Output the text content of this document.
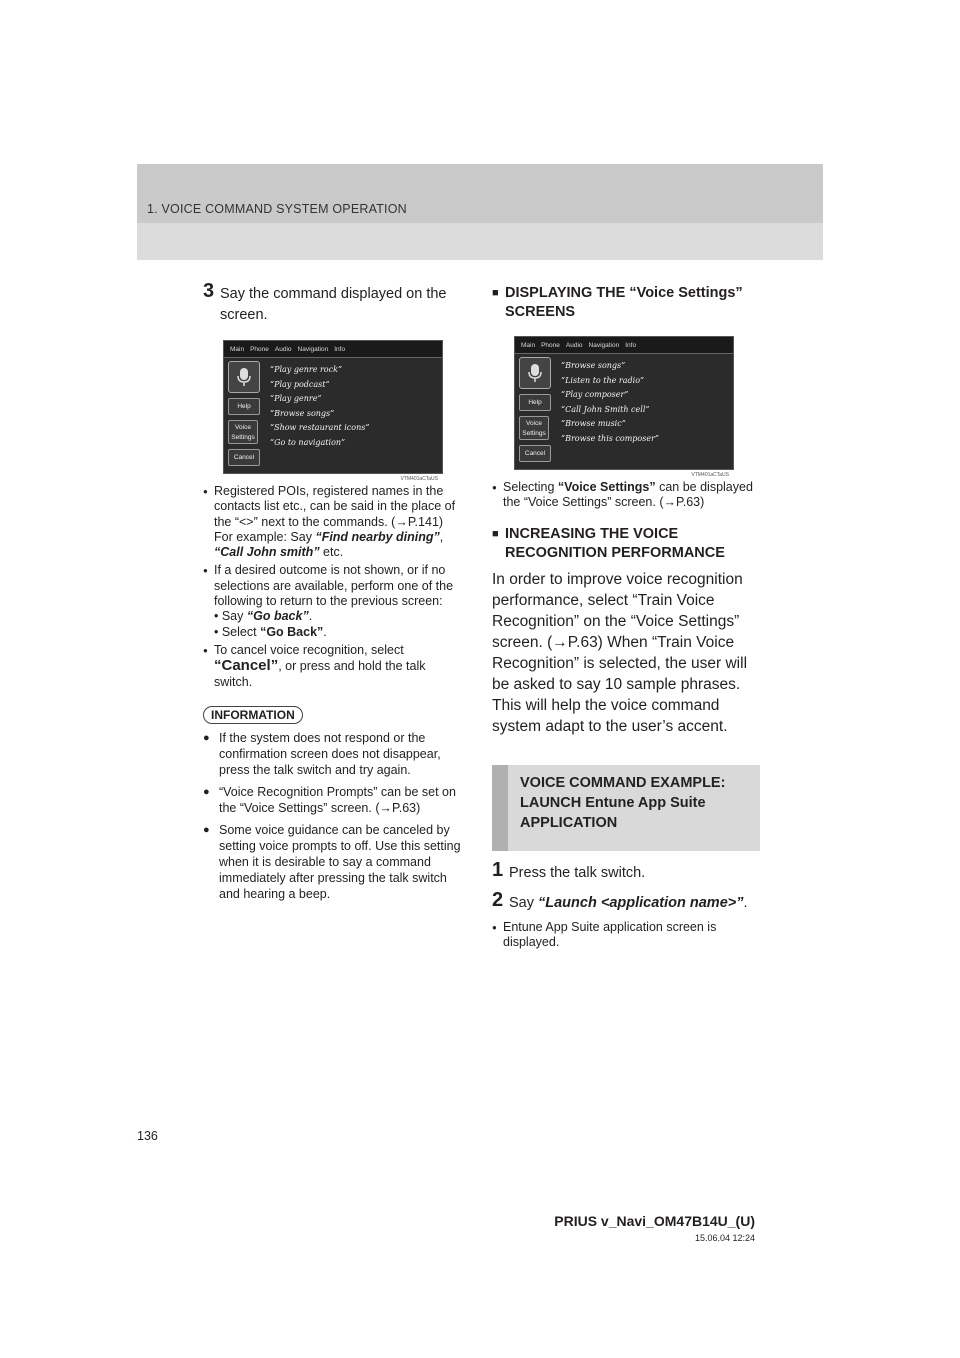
1. VOICE COMMAND SYSTEM OPERATION
3 Say the command displayed on the screen.
Main Phone Audio Navigation Info
Help
Voice Settings
Cancel
“Play genre rock”
“Play podcast”
“Play genre”
“Browse songs”
“Show restaurant icons”
“Go to navigation”
VTM401aCTaUS
● Registered POIs, registered names in the contacts list etc., can be said in the place of the “<>” next to the commands. (→P.141)
For example: Say “Find nearby dining”, “Call John smith” etc.
● If a desired outcome is not shown, or if no selections are available, perform one of the following to return to the previous screen:
• Say “Go back”.
• Select “Go Back”.
● To cancel voice recognition, select “Cancel”, or press and hold the talk switch.
INFORMATION
● If the system does not respond or the confirmation screen does not disappear, press the talk switch and try again.
● “Voice Recognition Prompts” can be set on the “Voice Settings” screen. (→P.63)
● Some voice guidance can be canceled by setting voice prompts to off. Use this setting when it is desirable to say a command immediately after pressing the talk switch and hearing a beep.
■ DISPLAYING THE “Voice Settings” SCREENS
Main Phone Audio Navigation Info
Help
Voice Settings
Cancel
“Browse songs”
“Listen to the radio”
“Play composer”
“Call John Smith cell”
“Browse music”
“Browse this composer”
VTM401aCTaUS
● Selecting “Voice Settings” can be displayed the “Voice Settings” screen. (→P.63)
■ INCREASING THE VOICE RECOGNITION PERFORMANCE
In order to improve voice recognition performance, select “Train Voice Recognition” on the “Voice Settings” screen. (→P.63) When “Train Voice Recognition” is selected, the user will be asked to say 10 sample phrases. This will help the voice command system adapt to the user’s accent.
VOICE COMMAND EXAMPLE: LAUNCH Entune App Suite APPLICATION
1 Press the talk switch.
2 Say “Launch <application name>”.
● Entune App Suite application screen is displayed.
136
PRIUS v_Navi_OM47B14U_(U)
15.06.04 12:24
